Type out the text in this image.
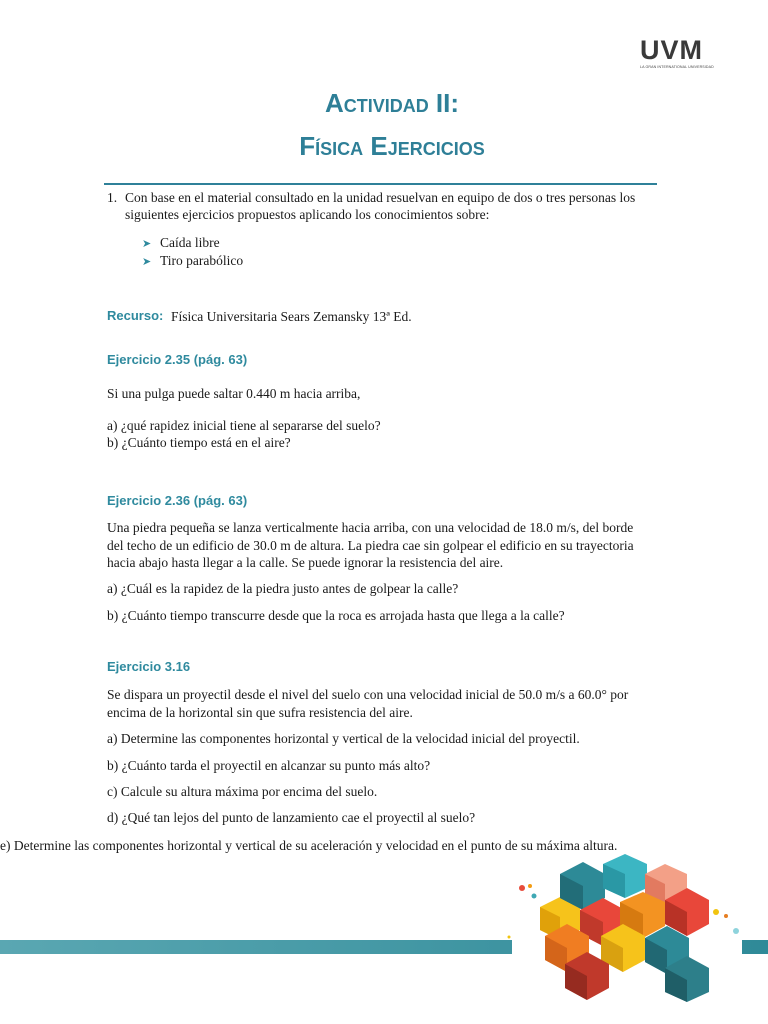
UVM
LA GRAN INTERNATIONAL UNIVERSIDAD
Actividad II:
Física Ejercicios
1. Con base en el material consultado en la unidad resuelvan en equipo de dos o tres personas los
siguientes ejercicios propuestos aplicando los conocimientos sobre:
➤ Caída libre
➤ Tiro parabólico
Recurso: Física Universitaria Sears Zemansky 13ª Ed.
Ejercicio 2.35 (pág. 63)
Si una pulga puede saltar 0.440 m hacia arriba,
a) ¿qué rapidez inicial tiene al separarse del suelo?
b) ¿Cuánto tiempo está en el aire?
Ejercicio 2.36 (pág. 63)
Una piedra pequeña se lanza verticalmente hacia arriba, con una velocidad de 18.0 m/s, del borde
del techo de un edificio de 30.0 m de altura. La piedra cae sin golpear el edificio en su trayectoria
hacia abajo hasta llegar a la calle. Se puede ignorar la resistencia del aire.
a) ¿Cuál es la rapidez de la piedra justo antes de golpear la calle?
b) ¿Cuánto tiempo transcurre desde que la roca es arrojada hasta que llega a la calle?
Ejercicio 3.16
Se dispara un proyectil desde el nivel del suelo con una velocidad inicial de 50.0 m/s a 60.0° por
encima de la horizontal sin que sufra resistencia del aire.
a) Determine las componentes horizontal y vertical de la velocidad inicial del proyectil.
b) ¿Cuánto tarda el proyectil en alcanzar su punto más alto?
c) Calcule su altura máxima por encima del suelo.
d) ¿Qué tan lejos del punto de lanzamiento cae el proyectil al suelo?
e) Determine las componentes horizontal y vertical de su aceleración y velocidad en el punto de su máxima altura.
